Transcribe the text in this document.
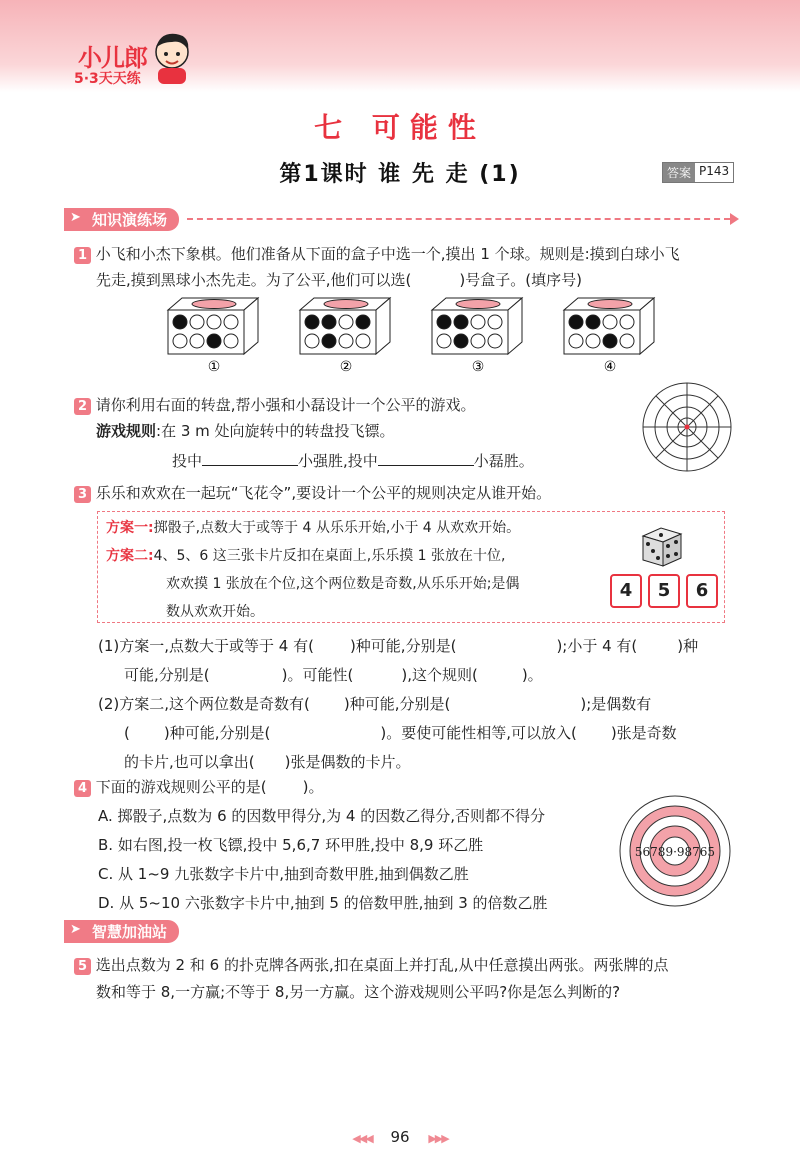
小儿郎
5·3天天练
七 可能性
第1课时 谁 先 走 (1)	答案 P143
➤ 知识演练场
1 小飞和小杰下象棋。他们准备从下面的盒子中选一个,摸出 1 个球。规则是:摸到白球小飞
先走,摸到黑球小杰先走。为了公平,他们可以选(	)号盒子。(填序号)
①	②	③	④
2 请你利用右面的转盘,帮小强和小磊设计一个公平的游戏。
游戏规则:在 3 m 处向旋转中的转盘投飞镖。
投中	小强胜,投中	小磊胜。
3 乐乐和欢欢在一起玩“飞花令”,要设计一个公平的规则决定从谁开始。
方案一:掷骰子,点数大于或等于 4 从乐乐开始,小于 4 从欢欢开始。
方案二:4、5、6 这三张卡片反扣在桌面上,乐乐摸 1 张放在十位,
欢欢摸 1 张放在个位,这个两位数是奇数,从乐乐开始;是偶
数从欢欢开始。
4	5	6
(1)方案一,点数大于或等于 4 有( )种可能,分别是(	);小于 4 有(	)种
可能,分别是(	)。可能性(	),这个规则(	)。
(2)方案二,这个两位数是奇数有( )种可能,分别是(	);是偶数有
( )种可能,分别是(	)。要使可能性相等,可以放入( )张是奇数
的卡片,也可以拿出( )张是偶数的卡片。
4 下面的游戏规则公平的是( )。
A. 掷骰子,点数为 6 的因数甲得分,为 4 的因数乙得分,否则都不得分
B. 如右图,投一枚飞镖,投中 5,6,7 环甲胜,投中 8,9 环乙胜
C. 从 1~9 九张数字卡片中,抽到奇数甲胜,抽到偶数乙胜
D. 从 5~10 六张数字卡片中,抽到 5 的倍数甲胜,抽到 3 的倍数乙胜
56789·98765
➤ 智慧加油站
5 选出点数为 2 和 6 的扑克牌各两张,扣在桌面上并打乱,从中任意摸出两张。两张牌的点
数和等于 8,一方赢;不等于 8,另一方赢。这个游戏规则公平吗?你是怎么判断的?
◀◀◀ 96 ▶▶▶
